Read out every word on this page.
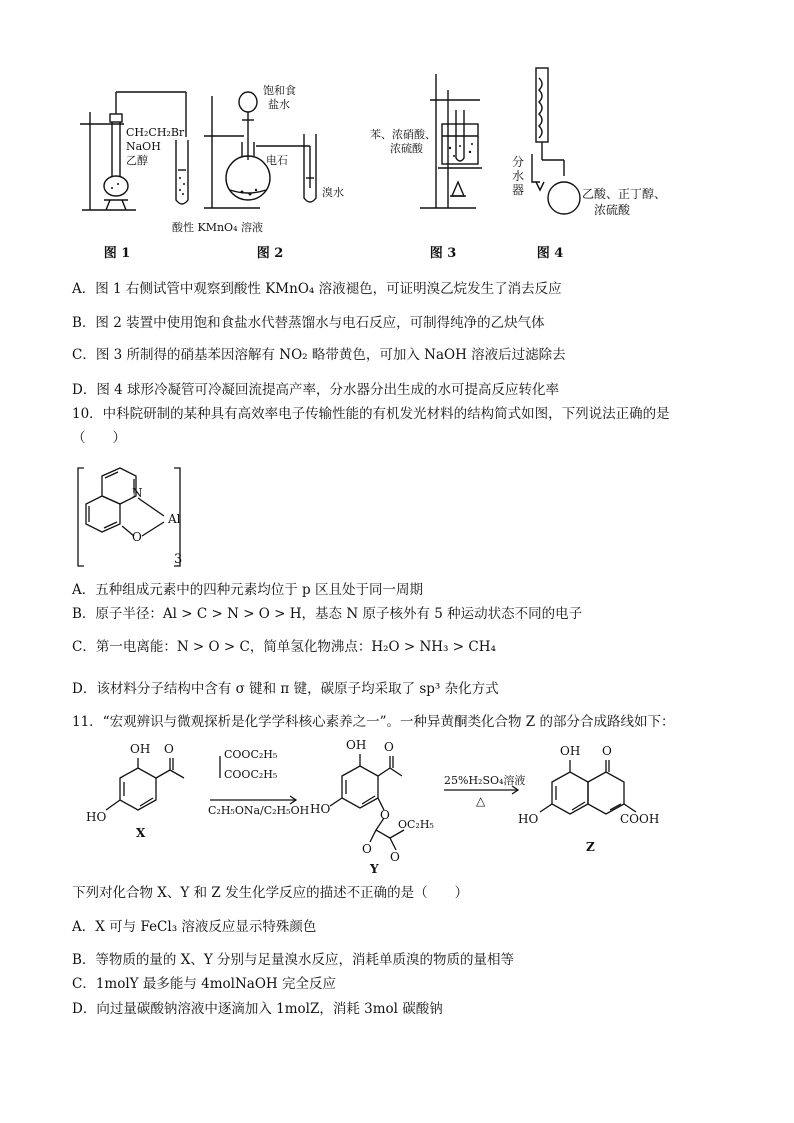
CH₂CH₂Br
NaOH
乙醇
酸性 KMnO₄ 溶液
图 1
饱和食
盐水
电石
溴水
图 2
苯、浓硝酸、
浓硫酸
图 3
分
水
器	乙酸、正丁醇、
浓硫酸
图 4
A．图 1 右侧试管中观察到酸性 KMnO₄ 溶液褪色，可证明溴乙烷发生了消去反应
B．图 2 装置中使用饱和食盐水代替蒸馏水与电石反应，可制得纯净的乙炔气体
C．图 3 所制得的硝基苯因溶解有 NO₂ 略带黄色，可加入 NaOH 溶液后过滤除去
D．图 4 球形冷凝管可冷凝回流提高产率，分水器分出生成的水可提高反应转化率
10．中科院研制的某种具有高效率电子传输性能的有机发光材料的结构简式如图，下列说法正确的是
（　　）
N
Al
O
3
A．五种组成元素中的四种元素均位于 p 区且处于同一周期
B．原子半径：Al > C > N > O > H，基态 N 原子核外有 5 种运动状态不同的电子
C．第一电离能：N > O > C，简单氢化物沸点：H₂O > NH₃ > CH₄
D．该材料分子结构中含有 σ 键和 π 键，碳原子均采取了 sp³ 杂化方式
11．“宏观辨识与微观探析是化学学科核心素养之一”。一种异黄酮类化合物 Z 的部分合成路线如下：
OH O
HO
X
COOC₂H₅
COOC₂H₅
C₂H₅ONa/C₂H₅OH
OH O
HO	O
OC₂H₅
O
O
Y
25%H₂SO₄溶液
△
OH O
HO	COOH
Z
下列对化合物 X、Y 和 Z 发生化学反应的描述不正确的是（　　）
A．X 可与 FeCl₃ 溶液反应显示特殊颜色
B．等物质的量的 X、Y 分别与足量溴水反应，消耗单质溴的物质的量相等
C．1molY 最多能与 4molNaOH 完全反应
D．向过量碳酸钠溶液中逐滴加入 1molZ，消耗 3mol 碳酸钠
